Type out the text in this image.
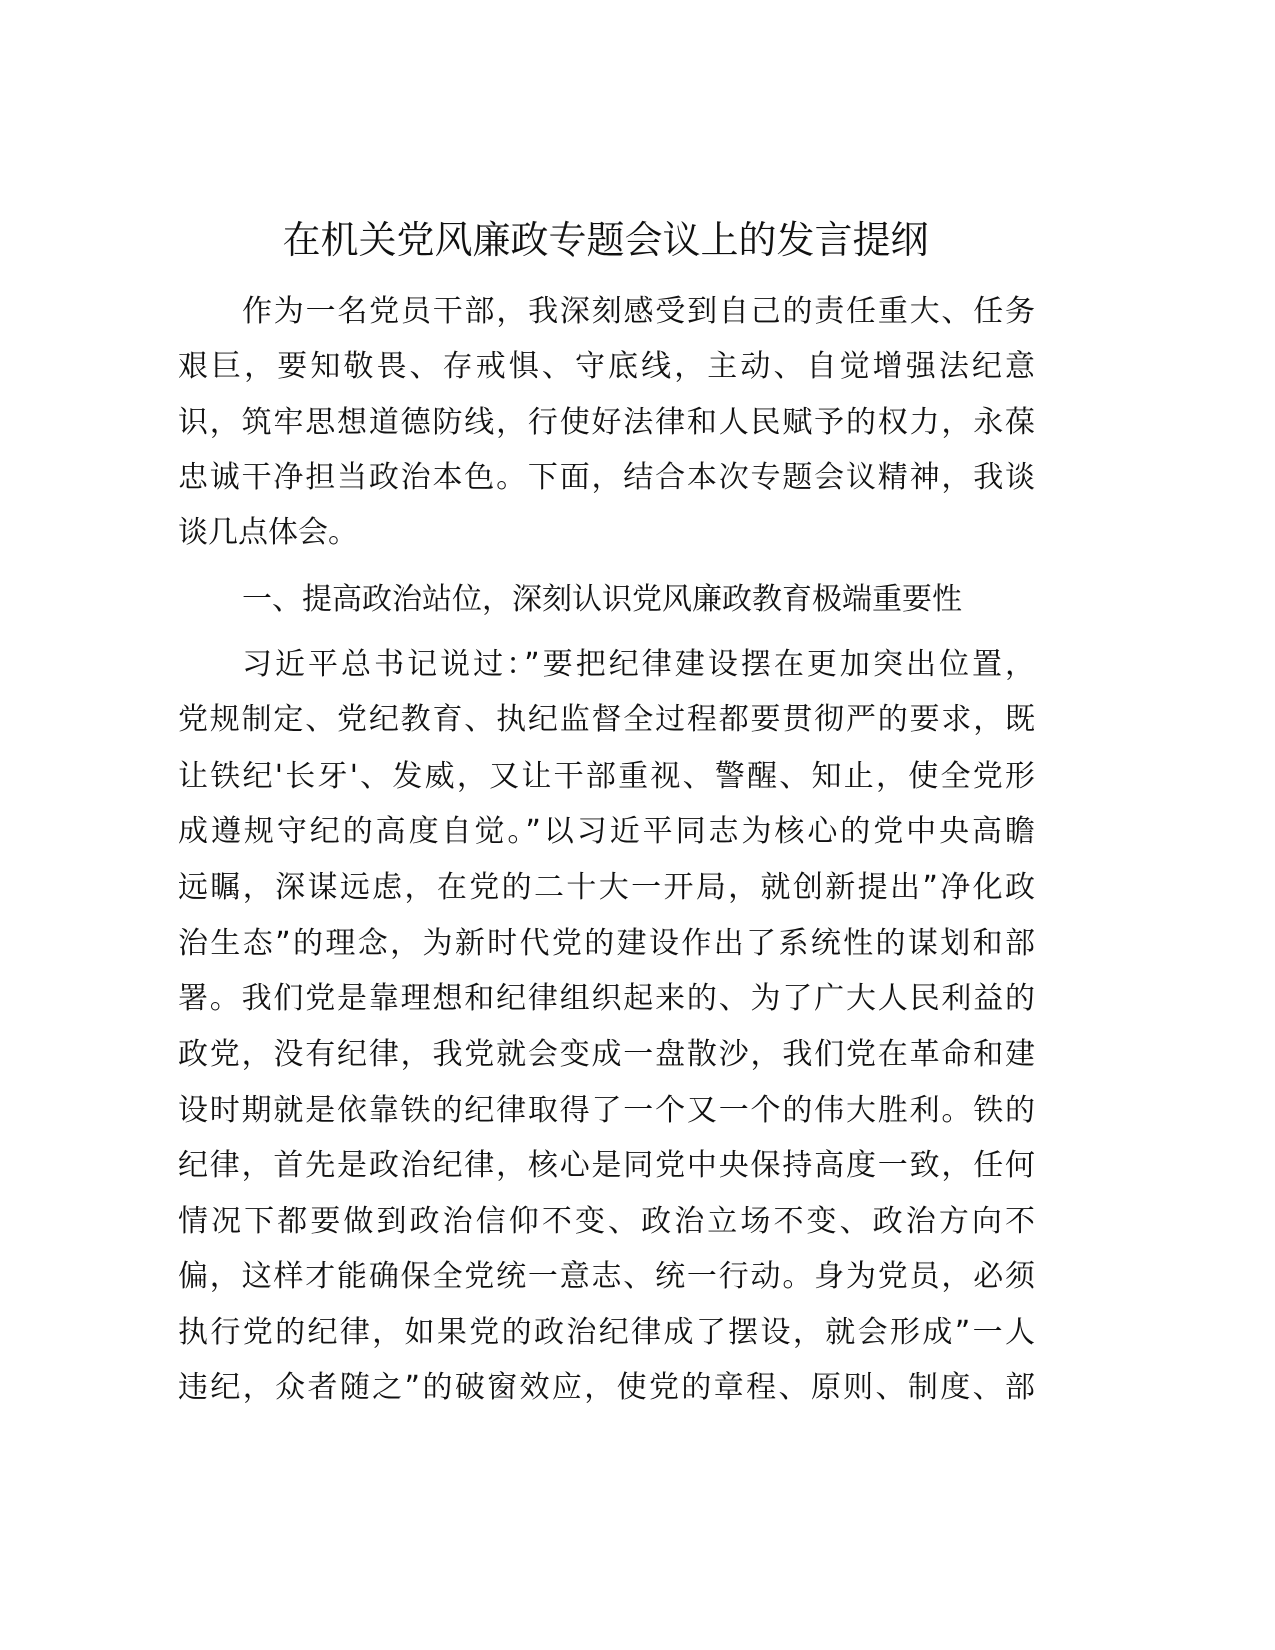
在机关党风廉政专题会议上的发言提纲
作为一名党员干部，我深刻感受到自己的责任重大、任务
艰巨，要知敬畏、存戒惧、守底线，主动、自觉增强法纪意
识，筑牢思想道德防线，行使好法律和人民赋予的权力，永葆
忠诚干净担当政治本色。下面，结合本次专题会议精神，我谈
谈几点体会。
一、提高政治站位，深刻认识党风廉政教育极端重要性
习近平总书记说过：”要把纪律建设摆在更加突出位置，
党规制定、党纪教育、执纪监督全过程都要贯彻严的要求，既
让铁纪'长牙'、发威，又让干部重视、警醒、知止，使全党形
成遵规守纪的高度自觉。”以习近平同志为核心的党中央高瞻
远瞩，深谋远虑，在党的二十大一开局，就创新提出”净化政
治生态”的理念，为新时代党的建设作出了系统性的谋划和部
署。我们党是靠理想和纪律组织起来的、为了广大人民利益的
政党，没有纪律，我党就会变成一盘散沙，我们党在革命和建
设时期就是依靠铁的纪律取得了一个又一个的伟大胜利。铁的
纪律，首先是政治纪律，核心是同党中央保持高度一致，任何
情况下都要做到政治信仰不变、政治立场不变、政治方向不
偏，这样才能确保全党统一意志、统一行动。身为党员，必须
执行党的纪律，如果党的政治纪律成了摆设，就会形成”一人
违纪，众者随之”的破窗效应，使党的章程、原则、制度、部
